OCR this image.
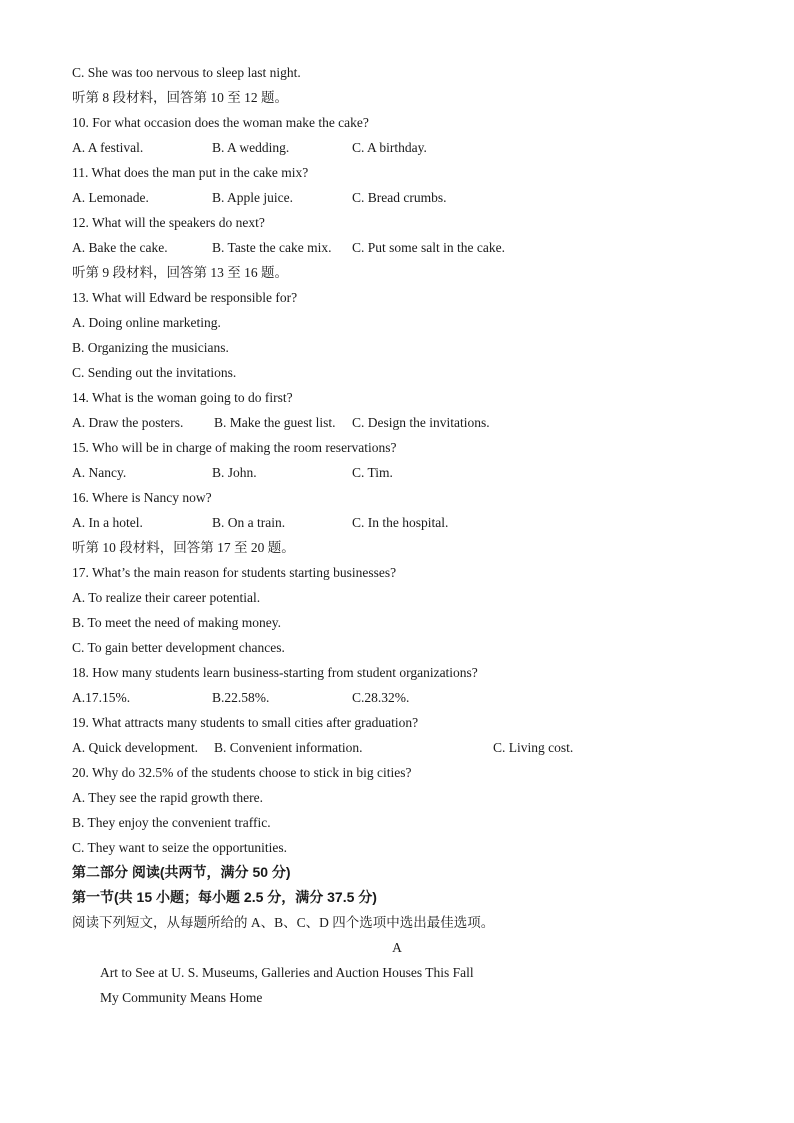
C. She was too nervous to sleep last night.
听第 8 段材料，回答第 10 至 12 题。
10. For what occasion does the woman make the cake?
A. A festival.	B. A wedding.	C. A birthday.
11. What does the man put in the cake mix?
A. Lemonade.	B. Apple juice.	C. Bread crumbs.
12. What will the speakers do next?
A. Bake the cake.	B. Taste the cake mix. C. Put some salt in the cake.
听第 9 段材料，回答第 13 至 16 题。
13. What will Edward be responsible for?
A. Doing online marketing.
B. Organizing the musicians.
C. Sending out the invitations.
14. What is the woman going to do first?
A. Draw the posters. B. Make the guest list. C. Design the invitations.
15. Who will be in charge of making the room reservations?
A. Nancy.	B. John.	C. Tim.
16. Where is Nancy now?
A. In a hotel.	B. On a train.	C. In the hospital.
听第 10 段材料，回答第 17 至 20 题。
17. What’s the main reason for students starting businesses?
A. To realize their career potential.
B. To meet the need of making money.
C. To gain better development chances.
18. How many students learn business-starting from student organizations?
A.17.15%.	B.22.58%.	C.28.32%.
19. What attracts many students to small cities after graduation?
A. Quick development. B. Convenient information.	C. Living cost.
20. Why do 32.5% of the students choose to stick in big cities?
A. They see the rapid growth there.
B. They enjoy the convenient traffic.
C. They want to seize the opportunities.
第二部分 阅读(共两节，满分 50 分)
第一节(共 15 小题；每小题 2.5 分，满分 37.5 分)
阅读下列短文，从每题所给的 A、B、C、D 四个选项中选出最佳选项。
A
Art to See at U. S. Museums, Galleries and Auction Houses This Fall
My Community Means Home
